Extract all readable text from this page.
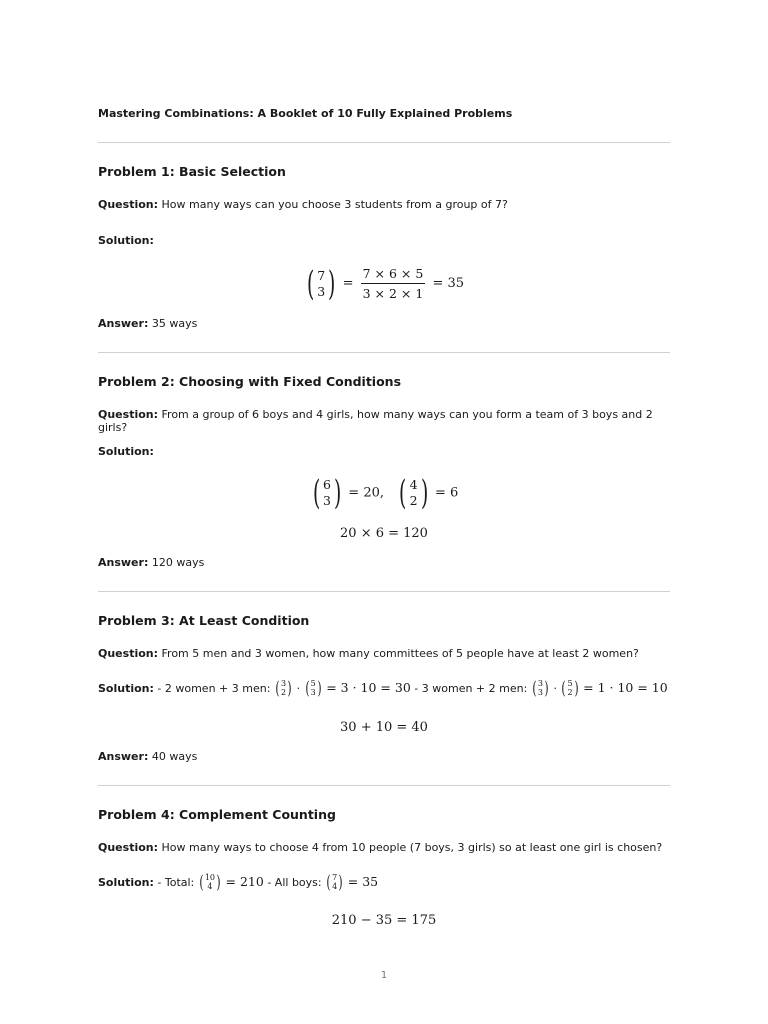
Mastering Combinations: A Booklet of 10 Fully Explained Problems
Problem 1: Basic Selection
Question: How many ways can you choose 3 students from a group of 7?
Solution:
( 7
3 ) = $\frac{7 \times 6 \times 5}{3 \times 2 \times 1} = 35$
Answer: 35 ways
Problem 2: Choosing with Fixed Conditions
Question: From a group of 6 boys and 4 girls, how many ways can you form a team of 3 boys and 2 girls?
Solution:
( 6
3 ) = 20, ( 4
2 ) = 6
20 × 6 = 120
Answer: 120 ways
Problem 3: At Least Condition
Question: From 5 men and 3 women, how many committees of 5 people have at least 2 women?
Solution: - 2 women + 3 men: ( 3
2 ) · ( 5
3 ) = 3 · 10 = 30 - 3 women + 2 men: ( 3
3 ) · ( 5
2 ) = 1 · 10 = 10
30 + 10 = 40
Answer: 40 ways
Problem 4: Complement Counting
Question: How many ways to choose 4 from 10 people (7 boys, 3 girls) so at least one girl is chosen?
Solution: - Total: ( 10
4 ) = 210 - All boys: ( 7
4 ) = 35
210 − 35 = 175
1
